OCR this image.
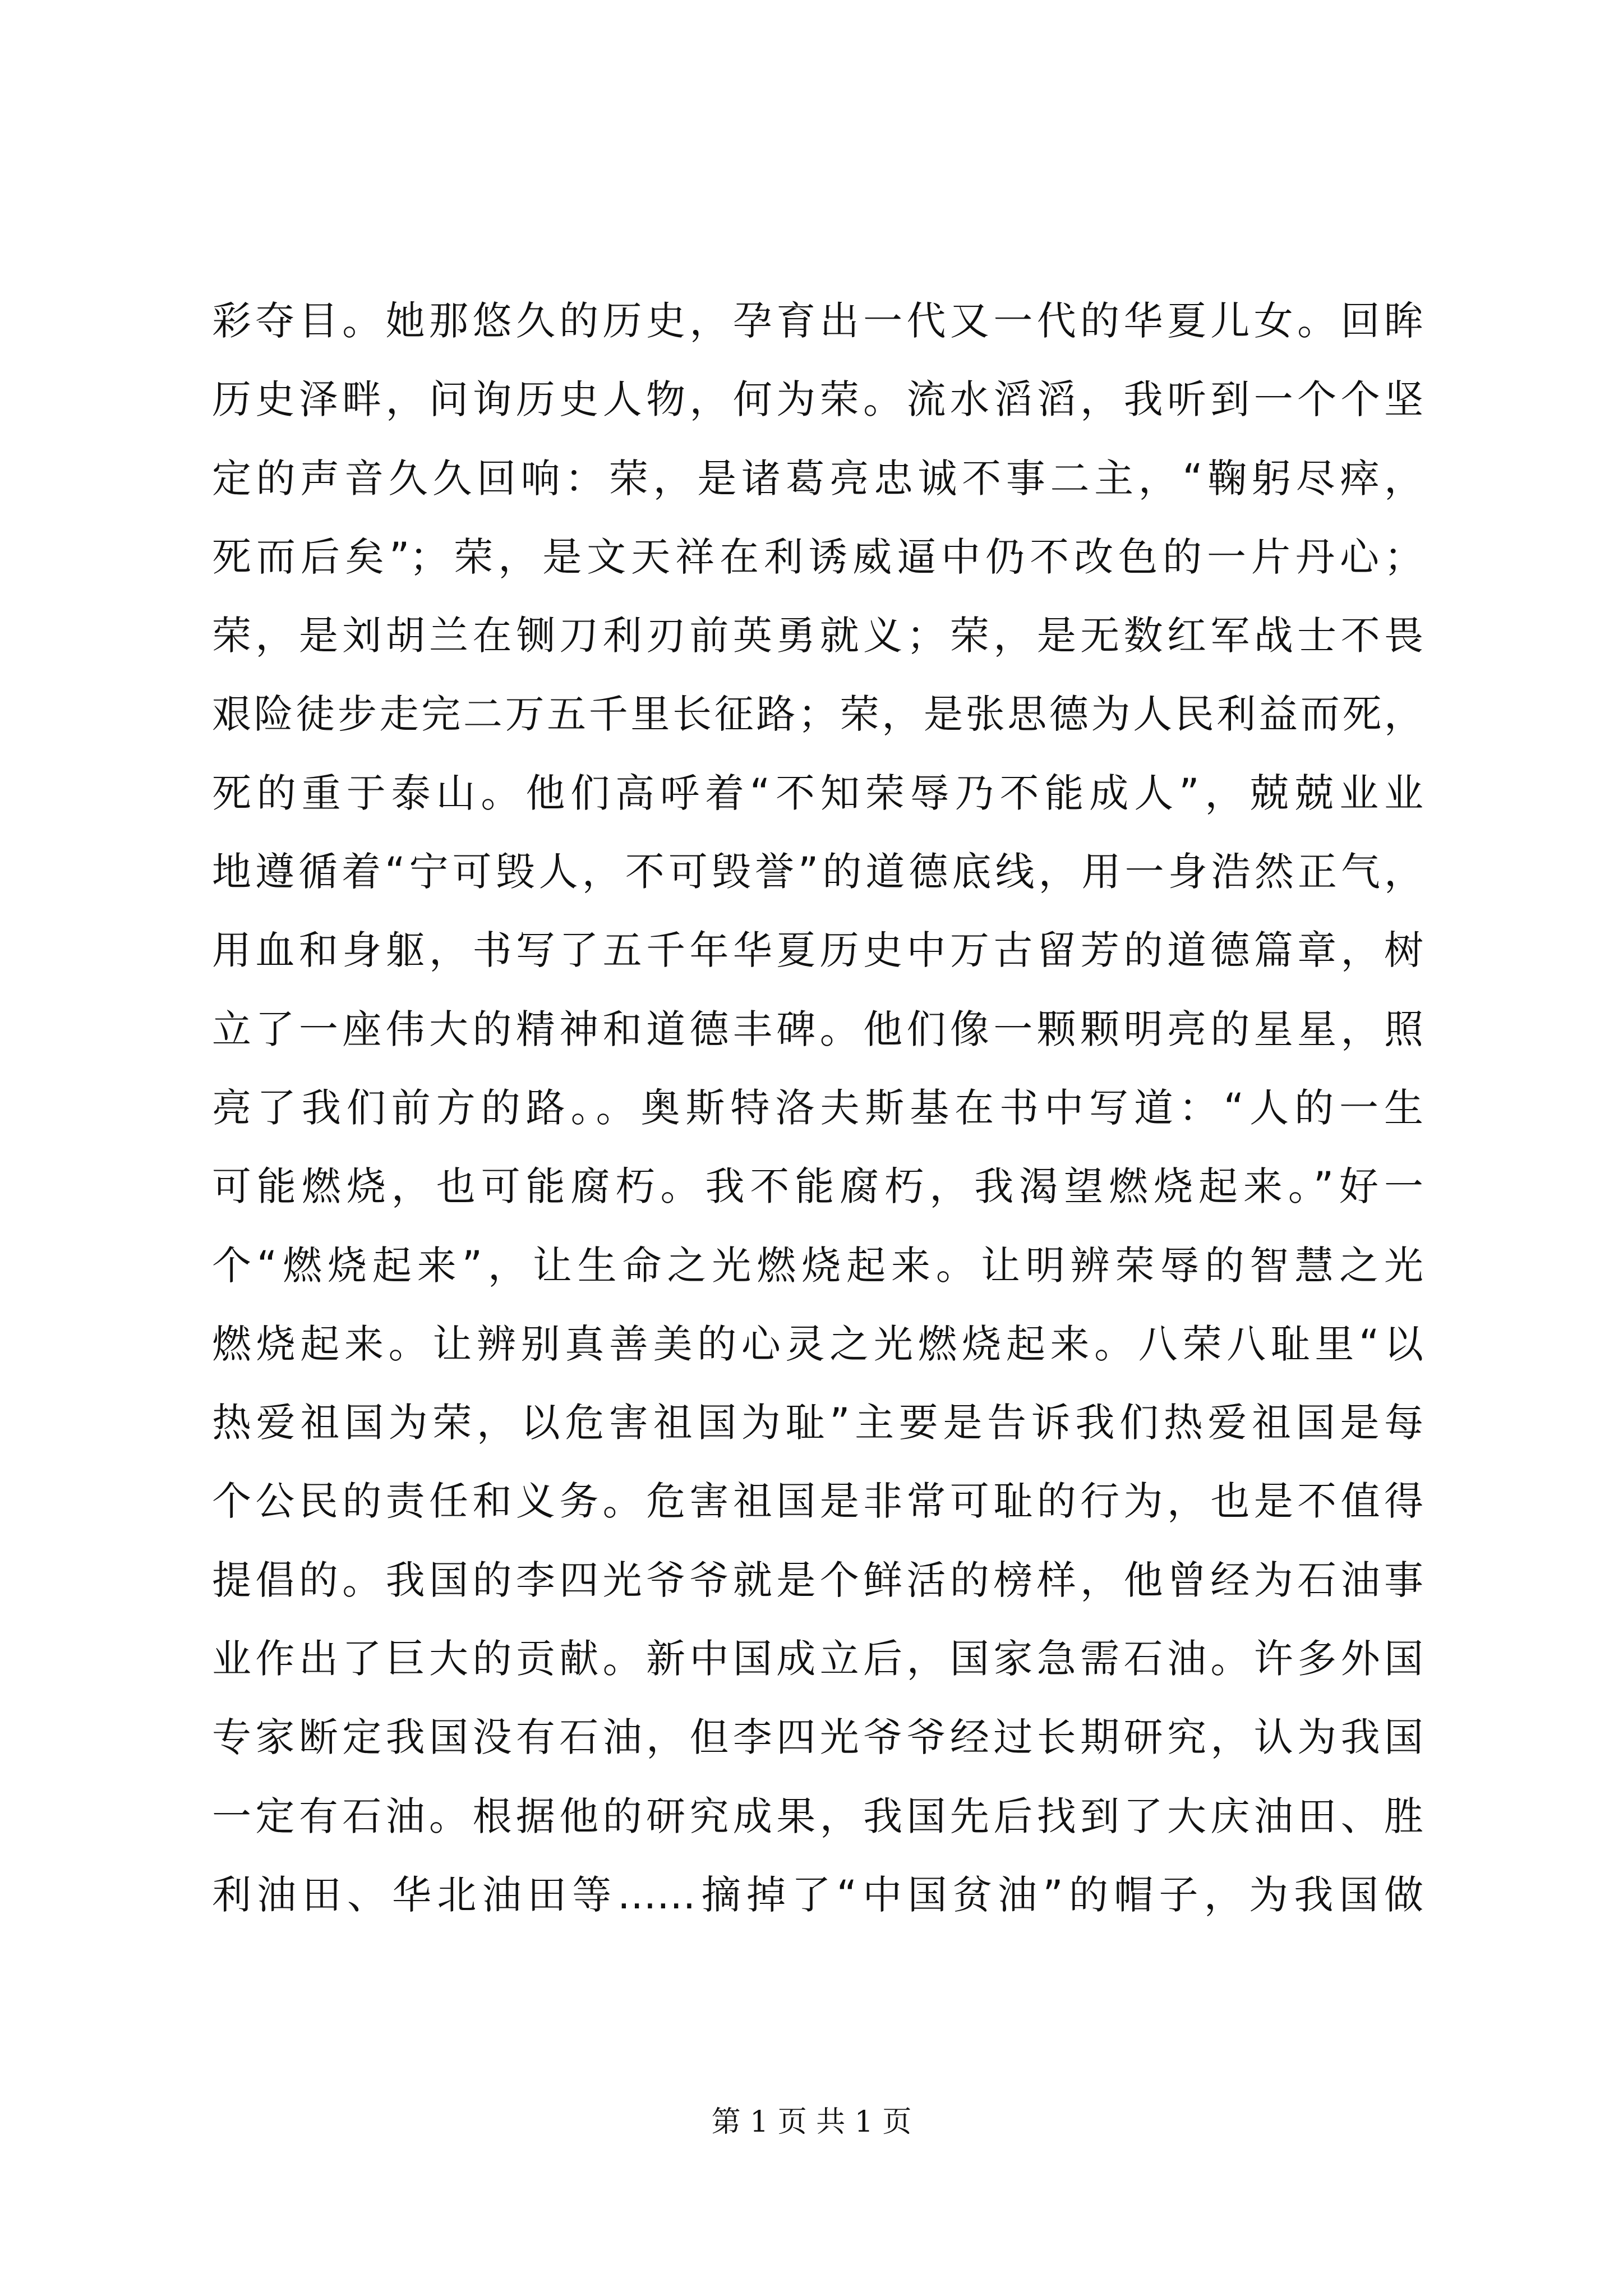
彩夺目。她那悠久的历史，孕育出一代又一代的华夏儿女。回眸
历史泽畔，问询历史人物，何为荣。流水滔滔，我听到一个个坚
定的声音久久回响：荣，是诸葛亮忠诚不事二主，“鞠躬尽瘁，
死而后矣”；荣，是文天祥在利诱威逼中仍不改色的一片丹心；
荣，是刘胡兰在铡刀利刃前英勇就义；荣，是无数红军战士不畏
艰险徒步走完二万五千里长征路；荣，是张思德为人民利益而死，
死的重于泰山。他们高呼着“不知荣辱乃不能成人”，兢兢业业
地遵循着“宁可毁人，不可毁誉”的道德底线，用一身浩然正气，
用血和身躯，书写了五千年华夏历史中万古留芳的道德篇章，树
立了一座伟大的精神和道德丰碑。他们像一颗颗明亮的星星，照
亮了我们前方的路。。奥斯特洛夫斯基在书中写道：“人的一生
可能燃烧，也可能腐朽。我不能腐朽，我渴望燃烧起来。”好一
个“燃烧起来”，让生命之光燃烧起来。让明辨荣辱的智慧之光
燃烧起来。让辨别真善美的心灵之光燃烧起来。八荣八耻里“以
热爱祖国为荣，以危害祖国为耻”主要是告诉我们热爱祖国是每
个公民的责任和义务。危害祖国是非常可耻的行为，也是不值得
提倡的。我国的李四光爷爷就是个鲜活的榜样，他曾经为石油事
业作出了巨大的贡献。新中国成立后，国家急需石油。许多外国
专家断定我国没有石油，但李四光爷爷经过长期研究，认为我国
一定有石油。根据他的研究成果，我国先后找到了大庆油田、胜
利油田、华北油田等……摘掉了“中国贫油”的帽子，为我国做
第 1 页 共 1 页
